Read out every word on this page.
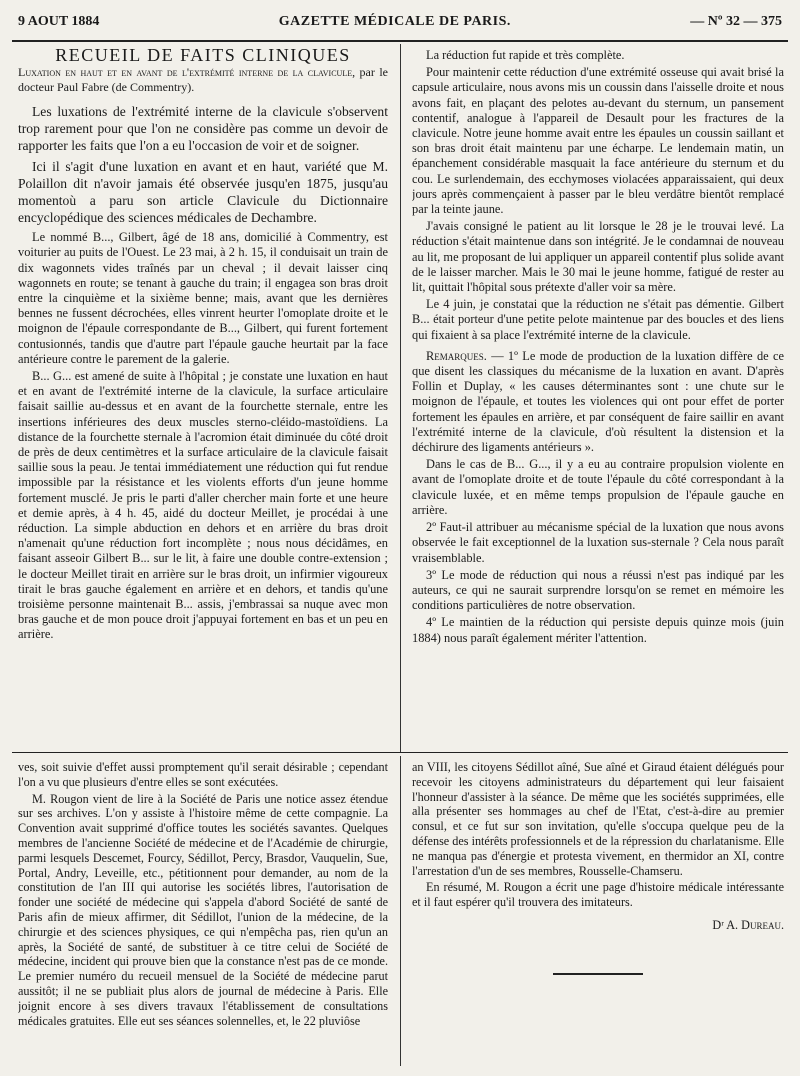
9 AOUT 1884	GAZETTE MÉDICALE DE PARIS.	— Nº 32 — 375

RECUEIL DE FAITS CLINIQUES

Luxation en haut et en avant de l'extrémité interne de la clavicule, par le docteur Paul Fabre (de Commentry).

Les luxations de l'extrémité interne de la clavicule s'observent trop rarement pour que l'on ne considère pas comme un devoir de rapporter les faits que l'on a eu l'occasion de voir et de soigner.

Ici il s'agit d'une luxation en avant et en haut, variété que M. Polaillon dit n'avoir jamais été observée jusqu'en 1875, jusqu'au momentoù a paru son article Clavicule du Dictionnaire encyclopédique des sciences médicales de Dechambre.

Le nommé B..., Gilbert, âgé de 18 ans, domicilié à Commentry, est voiturier au puits de l'Ouest. Le 23 mai, à 2 h. 15, il conduisait un train de dix wagonnets vides traînés par un cheval ; il devait laisser cinq wagonnets en route; se tenant à gauche du train; il engagea son bras droit entre la cinquième et la sixième benne; mais, avant que les dernières bennes ne fussent décrochées, elles vinrent heurter l'omoplate droite et le moignon de l'épaule correspondante de B..., Gilbert, qui furent fortement contusionnés, tandis que d'autre part l'épaule gauche heurtait par la face antérieure contre le parement de la galerie.

B... G... est amené de suite à l'hôpital ; je constate une luxation en haut et en avant de l'extrémité interne de la clavicule, la surface articulaire faisait saillie au-dessus et en avant de la fourchette sternale, entre les insertions inférieures des deux muscles sterno-cléido-mastoïdiens. La distance de la fourchette sternale à l'acromion était diminuée du côté droit de près de deux centimètres et la surface articulaire de la clavicule faisait saillie sous la peau. Je tentai immédiatement une réduction qui fut rendue impossible par la résistance et les violents efforts d'un jeune homme fortement musclé. Je pris le parti d'aller chercher main forte et une heure et demie après, à 4 h. 45, aidé du docteur Meillet, je procédai à une réduction. La simple abduction en dehors et en arrière du bras droit n'amenait qu'une réduction fort incomplète ; nous nous décidâmes, en faisant asseoir Gilbert B... sur le lit, à faire une double contre-extension ; le docteur Meillet tirait en arrière sur le bras droit, un infirmier vigoureux tirait le bras gauche également en arrière et en dehors, et tandis qu'une troisième personne maintenait B... assis, j'embrassai sa nuque avec mon bras gauche et de mon pouce droit j'appuyai fortement en bas et un peu en arrière.

La réduction fut rapide et très complète.

Pour maintenir cette réduction d'une extrémité osseuse qui avait brisé la capsule articulaire, nous avons mis un coussin dans l'aisselle droite et nous avons fait, en plaçant des pelotes au-devant du sternum, un pansement contentif, analogue à l'appareil de Desault pour les fractures de la clavicule. Notre jeune homme avait entre les épaules un coussin saillant et son bras droit était maintenu par une écharpe. Le lendemain matin, un épanchement considérable masquait la face antérieure du sternum et du cou. Le surlendemain, des ecchymoses violacées apparaissaient, qui deux jours après commençaient à passer par le bleu verdâtre bientôt remplacé par la teinte jaune.

J'avais consigné le patient au lit lorsque le 28 je le trouvai levé. La réduction s'était maintenue dans son intégrité. Je le condamnai de nouveau au lit, me proposant de lui appliquer un appareil contentif plus solide avant de le laisser marcher. Mais le 30 mai le jeune homme, fatigué de rester au lit, quittait l'hôpital sous prétexte d'aller voir sa mère.

Le 4 juin, je constatai que la réduction ne s'était pas démentie. Gilbert B... était porteur d'une petite pelote maintenue par des boucles et des liens qui fixaient à sa place l'extrémité interne de la clavicule.

Remarques. — 1º Le mode de production de la luxation diffère de ce que disent les classiques du mécanisme de la luxation en avant. D'après Follin et Duplay, « les causes déterminantes sont : une chute sur le moignon de l'épaule, et toutes les violences qui ont pour effet de porter fortement les épaules en arrière, et par conséquent de faire saillir en avant l'extrémité interne de la clavicule, d'où résultent la distension et la déchirure des ligaments antérieurs ».

Dans le cas de B... G..., il y a eu au contraire propulsion violente en avant de l'omoplate droite et de toute l'épaule du côté correspondant à la clavicule luxée, et en même temps propulsion de l'épaule gauche en arrière.

2º Faut-il attribuer au mécanisme spécial de la luxation que nous avons observée le fait exceptionnel de la luxation sus-sternale ? Cela nous paraît vraisemblable.

3º Le mode de réduction qui nous a réussi n'est pas indiqué par les auteurs, ce qui ne saurait surprendre lorsqu'on se remet en mémoire les conditions particulières de notre observation.

4º Le maintien de la réduction qui persiste depuis quinze mois (juin 1884) nous paraît également mériter l'attention.

ves, soit suivie d'effet aussi promptement qu'il serait désirable ; cependant l'on a vu que plusieurs d'entre elles se sont exécutées.

M. Rougon vient de lire à la Société de Paris une notice assez étendue sur ses archives. L'on y assiste à l'histoire même de cette compagnie. La Convention avait supprimé d'office toutes les sociétés savantes. Quelques membres de l'ancienne Société de médecine et de l'Académie de chirurgie, parmi lesquels Descemet, Fourcy, Sédillot, Percy, Brasdor, Vauquelin, Sue, Portal, Andry, Leveille, etc., pétitionnent pour demander, au nom de la constitution de l'an III qui autorise les sociétés libres, l'autorisation de fonder une société de médecine qui s'appela d'abord Société de santé de Paris afin de mieux affirmer, dit Sédillot, l'union de la médecine, de la chirurgie et des sciences physiques, ce qui n'empêcha pas, rien qu'un an après, la Société de santé, de substituer à ce titre celui de Société de médecine, incident qui prouve bien que la constance n'est pas de ce monde. Le premier numéro du recueil mensuel de la Société de médecine parut aussitôt; il ne se publiait plus alors de journal de médecine à Paris. Elle joignit encore à ses divers travaux l'établissement de consultations médicales gratuites. Elle eut ses séances solennelles, et, le 22 pluviôse

an VIII, les citoyens Sédillot aîné, Sue aîné et Giraud étaient délégués pour recevoir les citoyens administrateurs du département qui leur faisaient l'honneur d'assister à la séance. De même que les sociétés supprimées, elle alla présenter ses hommages au chef de l'Etat, c'est-à-dire au premier consul, et ce fut sur son invitation, qu'elle s'occupa quelque peu de la défense des intérêts professionnels et de la répression du charlatanisme. Elle ne manqua pas d'énergie et protesta vivement, en thermidor an XI, contre l'arrestation d'un de ses membres, Rousselle-Chamseru.

En résumé, M. Rougon a écrit une page d'histoire médicale intéressante et il faut espérer qu'il trouvera des imitateurs.

Dʳ A. Dureau.
